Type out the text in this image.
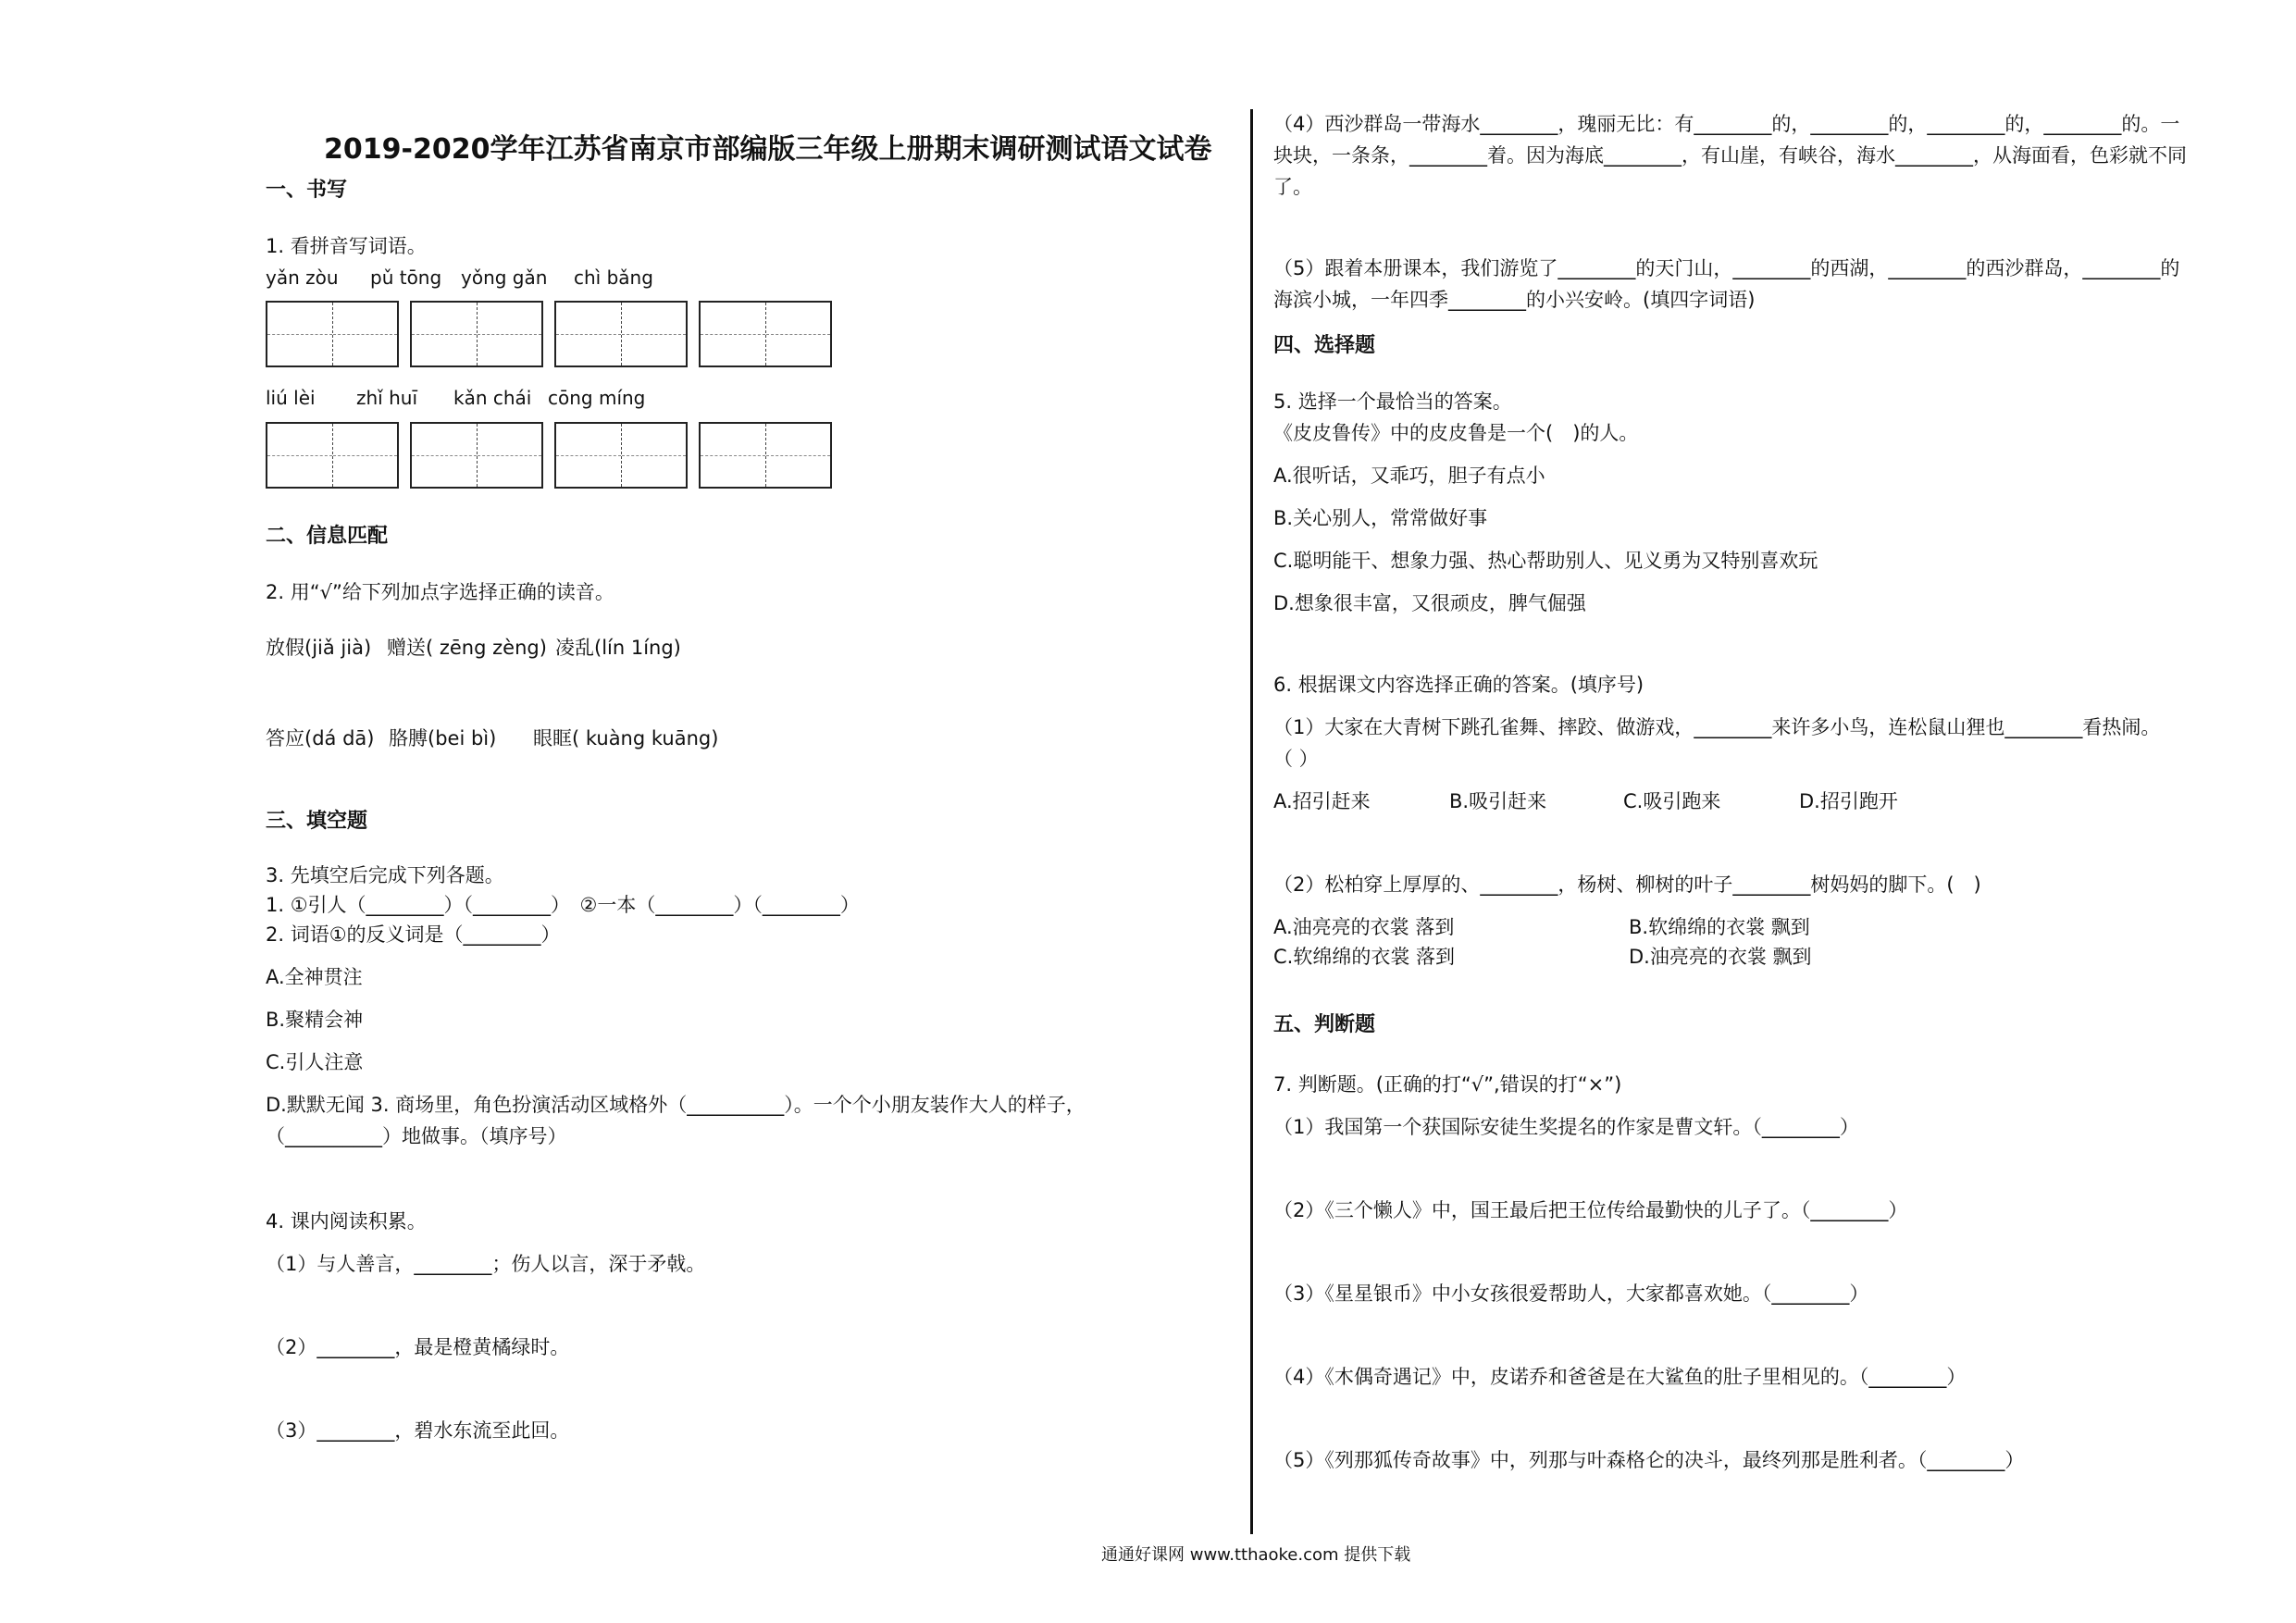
2019-2020学年江苏省南京市部编版三年级上册期末调研测试语文试卷
一、书写
1. 看拼音写词语。
yǎn zòu pǔ tōng yǒng gǎn chì bǎng
liú lèi zhǐ huī kǎn chái cōng míng
二、信息匹配
2. 用“√”给下列加点字选择正确的读音。
放假(jiǎ jià) 赠送( zēng zèng) 凌乱(lín 1íng)
答应(dá dā) 胳膊(bei bì) 眼眶( kuàng kuāng)
三、填空题
3. 先填空后完成下列各题。
1. ①引人（________）（________）　②一本（________）（________）
2. 词语①的反义词是（________）
A.全神贯注
B.聚精会神
C.引人注意
D.默默无闻 3. 商场里，角色扮演活动区域格外（__________）。一个个小朋友装作大人的样子，
（__________）地做事。（填序号）
4. 课内阅读积累。
（1）与人善言，________；伤人以言，深于矛戟。
（2）________，最是橙黄橘绿时。
（3）________，碧水东流至此回。
（4）西沙群岛一带海水________，瑰丽无比：有________的，________的，________的，________的。一
块块，一条条，________着。因为海底________，有山崖，有峡谷，海水________，从海面看，色彩就不同
了。
（5）跟着本册课本，我们游览了________的天门山，________的西湖，________的西沙群岛，________的
海滨小城，一年四季________的小兴安岭。(填四字词语)
四、选择题
5. 选择一个最恰当的答案。
《皮皮鲁传》中的皮皮鲁是一个(　)的人。
A.很听话，又乖巧，胆子有点小
B.关心别人，常常做好事
C.聪明能干、想象力强、热心帮助别人、见义勇为又特别喜欢玩
D.想象很丰富，又很顽皮，脾气倔强
6. 根据课文内容选择正确的答案。(填序号)
（1）大家在大青树下跳孔雀舞、摔跤、做游戏，________来许多小鸟，连松鼠山狸也________看热闹。
（ ）
A.招引赶来	B.吸引赶来	C.吸引跑来	D.招引跑开
（2）松柏穿上厚厚的、________，杨树、柳树的叶子________树妈妈的脚下。(　)
A.油亮亮的衣裳 落到	B.软绵绵的衣裳 飘到
C.软绵绵的衣裳 落到	D.油亮亮的衣裳 飘到
五、判断题
7. 判断题。(正确的打“√”,错误的打“×”)
（1）我国第一个获国际安徒生奖提名的作家是曹文轩。（________）
（2）《三个懒人》中，国王最后把王位传给最勤快的儿子了。（________）
（3）《星星银币》中小女孩很爱帮助人，大家都喜欢她。（________）
（4）《木偶奇遇记》中，皮诺乔和爸爸是在大鲨鱼的肚子里相见的。（________）
（5）《列那狐传奇故事》中，列那与叶森格仑的决斗，最终列那是胜利者。（________）
通通好课网 www.tthaoke.com 提供下载
